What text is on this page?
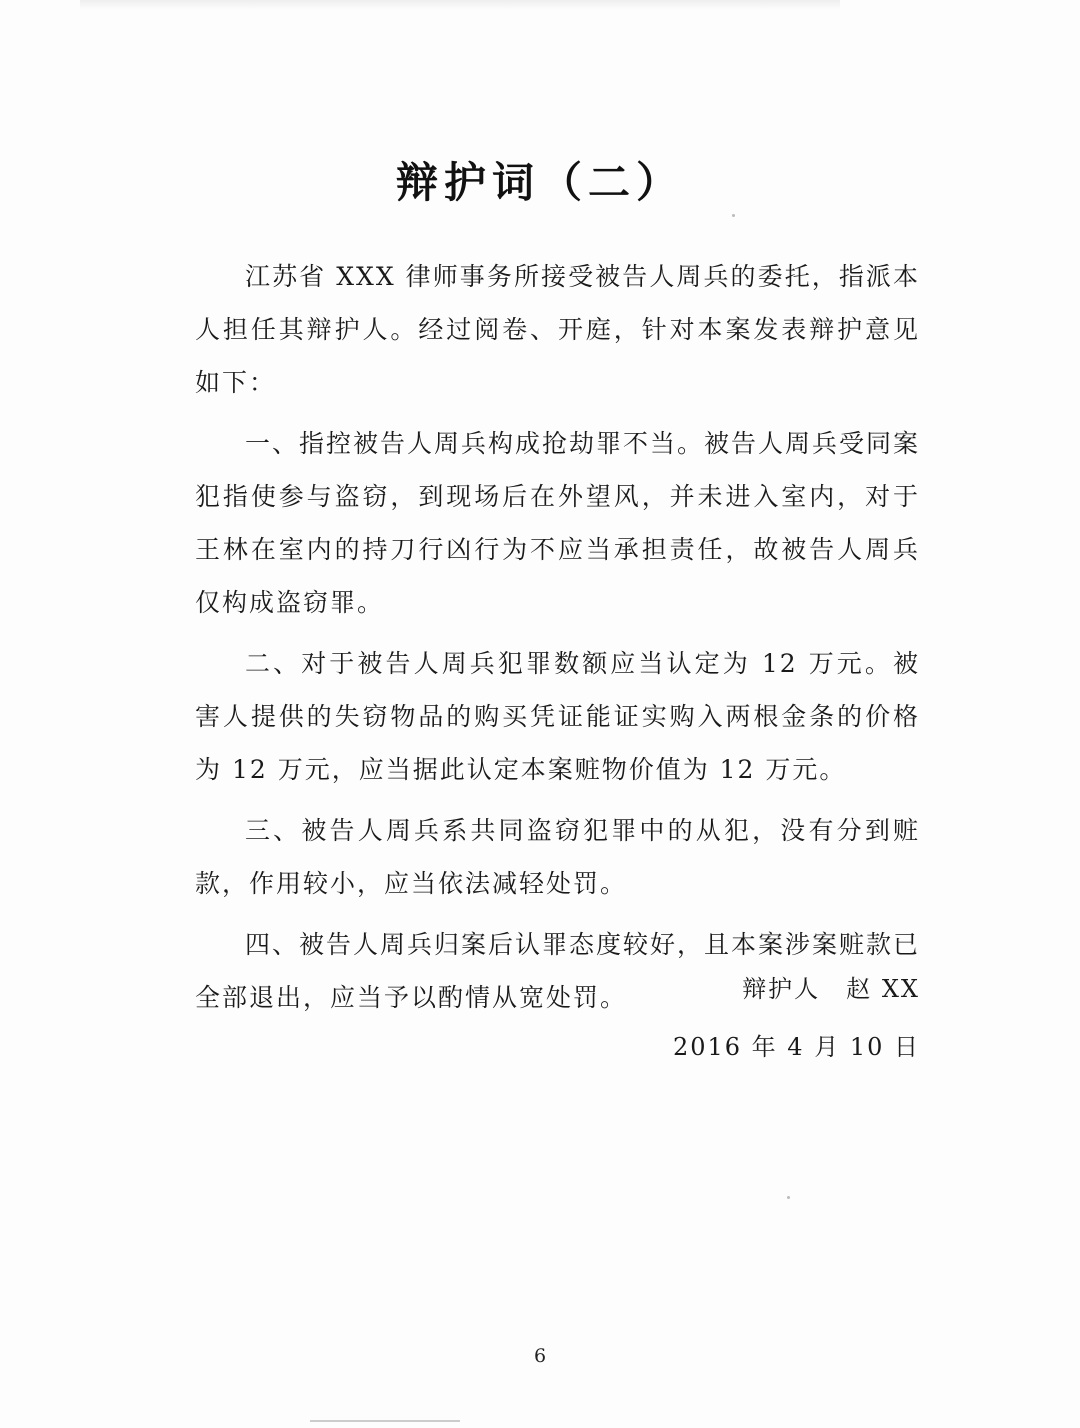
辩护词（二）

江苏省 XXX 律师事务所接受被告人周兵的委托，指派本人担任其辩护人。经过阅卷、开庭，针对本案发表辩护意见如下：

一、指控被告人周兵构成抢劫罪不当。被告人周兵受同案犯指使参与盗窃，到现场后在外望风，并未进入室内，对于王林在室内的持刀行凶行为不应当承担责任，故被告人周兵仅构成盗窃罪。

二、对于被告人周兵犯罪数额应当认定为 12 万元。被害人提供的失窃物品的购买凭证能证实购入两根金条的价格为 12 万元，应当据此认定本案赃物价值为 12 万元。

三、被告人周兵系共同盗窃犯罪中的从犯，没有分到赃款，作用较小，应当依法减轻处罚。

四、被告人周兵归案后认罪态度较好，且本案涉案赃款已全部退出，应当予以酌情从宽处罚。	辩护人　赵 XX
2016 年 4 月 10 日
6
